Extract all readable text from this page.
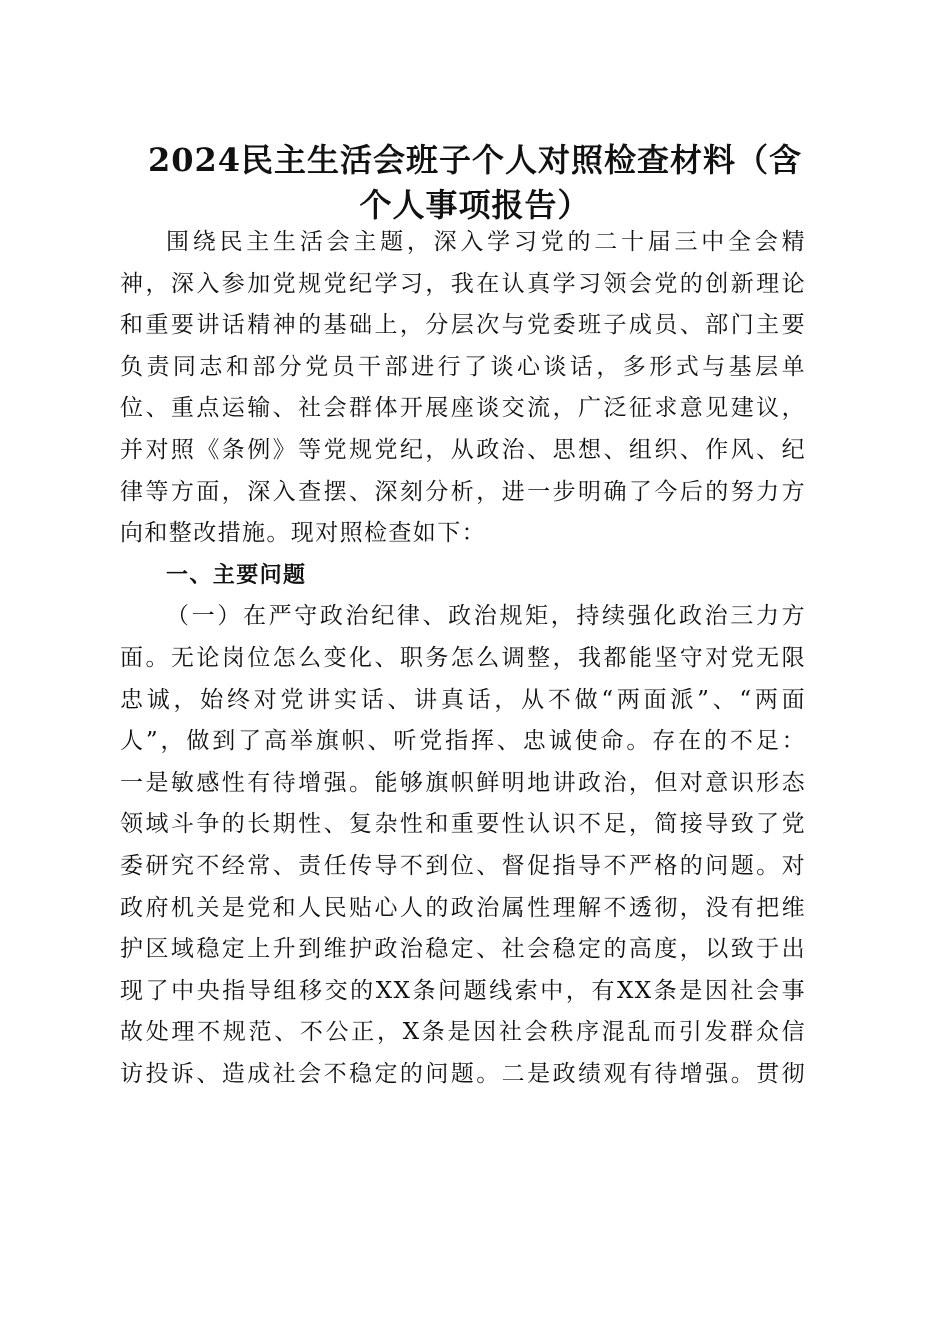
2024民主生活会班子个人对照检查材料（含
个人事项报告）
围绕民主生活会主题，深入学习党的二十届三中全会精
神，深入参加党规党纪学习，我在认真学习领会党的创新理论
和重要讲话精神的基础上，分层次与党委班子成员、部门主要
负责同志和部分党员干部进行了谈心谈话，多形式与基层单
位、重点运输、社会群体开展座谈交流，广泛征求意见建议，
并对照《条例》等党规党纪，从政治、思想、组织、作风、纪
律等方面，深入查摆、深刻分析，进一步明确了今后的努力方
向和整改措施。现对照检查如下：
一、主要问题
（一）在严守政治纪律、政治规矩，持续强化政治三力方
面。无论岗位怎么变化、职务怎么调整，我都能坚守对党无限
忠诚，始终对党讲实话、讲真话，从不做“两面派”、“两面
人”，做到了高举旗帜、听党指挥、忠诚使命。存在的不足：
一是敏感性有待增强。能够旗帜鲜明地讲政治，但对意识形态
领域斗争的长期性、复杂性和重要性认识不足，简接导致了党
委研究不经常、责任传导不到位、督促指导不严格的问题。对
政府机关是党和人民贴心人的政治属性理解不透彻，没有把维
护区域稳定上升到维护政治稳定、社会稳定的高度，以致于出
现了中央指导组移交的XX条问题线索中，有XX条是因社会事
故处理不规范、不公正，X条是因社会秩序混乱而引发群众信
访投诉、造成社会不稳定的问题。二是政绩观有待增强。贯彻
